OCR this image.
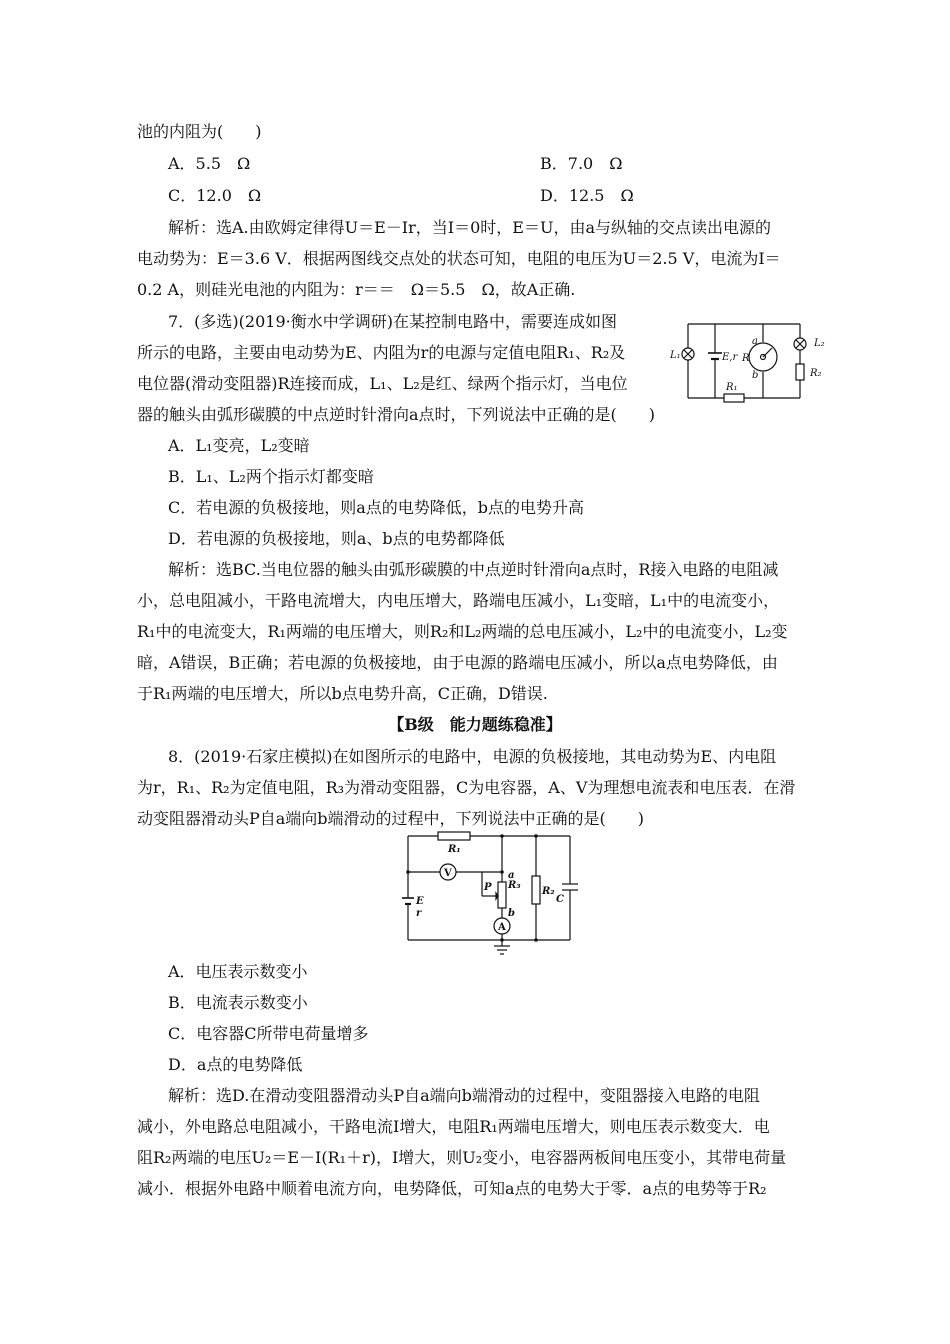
池的内阻为(　　)
A．5.5　Ω	B．7.0　Ω
C．12.0　Ω	D．12.5　Ω
解析：选A.由欧姆定律得U＝E－Ir，当I＝0时，E＝U，由a与纵轴的交点读出电源的
电动势为：E＝3.6 V．根据两图线交点处的状态可知，电阻的电压为U＝2.5 V，电流为I＝
0.2 A，则硅光电池的内阻为：r＝＝　Ω＝5.5　Ω，故A正确.
7．(多选)(2019·衡水中学调研)在某控制电路中，需要连成如图
所示的电路，主要由电动势为E、内阻为r的电源与定值电阻R₁、R₂及
电位器(滑动变阻器)R连接而成，L₁、L₂是红、绿两个指示灯，当电位
器的触头由弧形碳膜的中点逆时针滑向a点时，下列说法中正确的是(　　)
L₁
L₂
E,r R
R₁
R₂
a
b
A．L₁变亮，L₂变暗
B．L₁、L₂两个指示灯都变暗
C．若电源的负极接地，则a点的电势降低，b点的电势升高
D．若电源的负极接地，则a、b点的电势都降低
解析：选BC.当电位器的触头由弧形碳膜的中点逆时针滑向a点时，R接入电路的电阻减
小，总电阻减小，干路电流增大，内电压增大，路端电压减小，L₁变暗，L₁中的电流变小，
R₁中的电流变大，R₁两端的电压增大，则R₂和L₂两端的总电压减小，L₂中的电流变小，L₂变
暗，A错误，B正确；若电源的负极接地，由于电源的路端电压减小，所以a点电势降低，由
于R₁两端的电压增大，所以b点电势升高，C正确，D错误.
【B级　能力题练稳准】
8．(2019·石家庄模拟)在如图所示的电路中，电源的负极接地，其电动势为E、内电阻
为r，R₁、R₂为定值电阻，R₃为滑动变阻器，C为电容器，A、V为理想电流表和电压表．在滑
动变阻器滑动头P自a端向b端滑动的过程中，下列说法中正确的是(　　)
R₁
V
A
R₃
a
b
P	R₂
C
E
r
A．电压表示数变小
B．电流表示数变小
C．电容器C所带电荷量增多
D．a点的电势降低
解析：选D.在滑动变阻器滑动头P自a端向b端滑动的过程中，变阻器接入电路的电阻
减小，外电路总电阻减小，干路电流I增大，电阻R₁两端电压增大，则电压表示数变大．电
阻R₂两端的电压U₂＝E－I(R₁＋r)，I增大，则U₂变小，电容器两板间电压变小，其带电荷量
减小．根据外电路中顺着电流方向，电势降低，可知a点的电势大于零．a点的电势等于R₂
